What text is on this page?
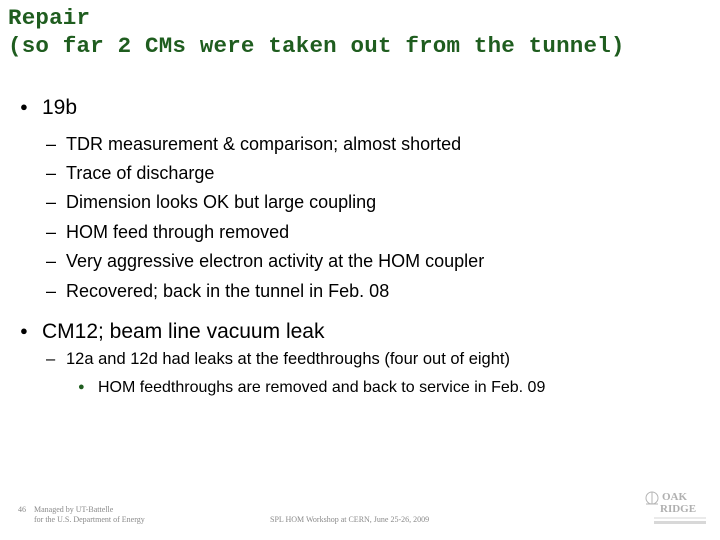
Repair
(so far 2 CMs were taken out from the tunnel)
● 19b
– TDR measurement & comparison; almost shorted
– Trace of discharge
– Dimension looks OK but large coupling
– HOM feed through removed
– Very aggressive electron activity at the HOM coupler
– Recovered; back in the tunnel in Feb. 08
● CM12; beam line vacuum leak
– 12a and 12d had leaks at the feedthroughs (four out of eight)
● HOM feedthroughs are removed and back to service in Feb. 09
46 Managed by UT-Battelle
for the U.S. Department of Energy	SPL HOM Workshop at CERN, June 25-26, 2009
OAK
RIDGE
